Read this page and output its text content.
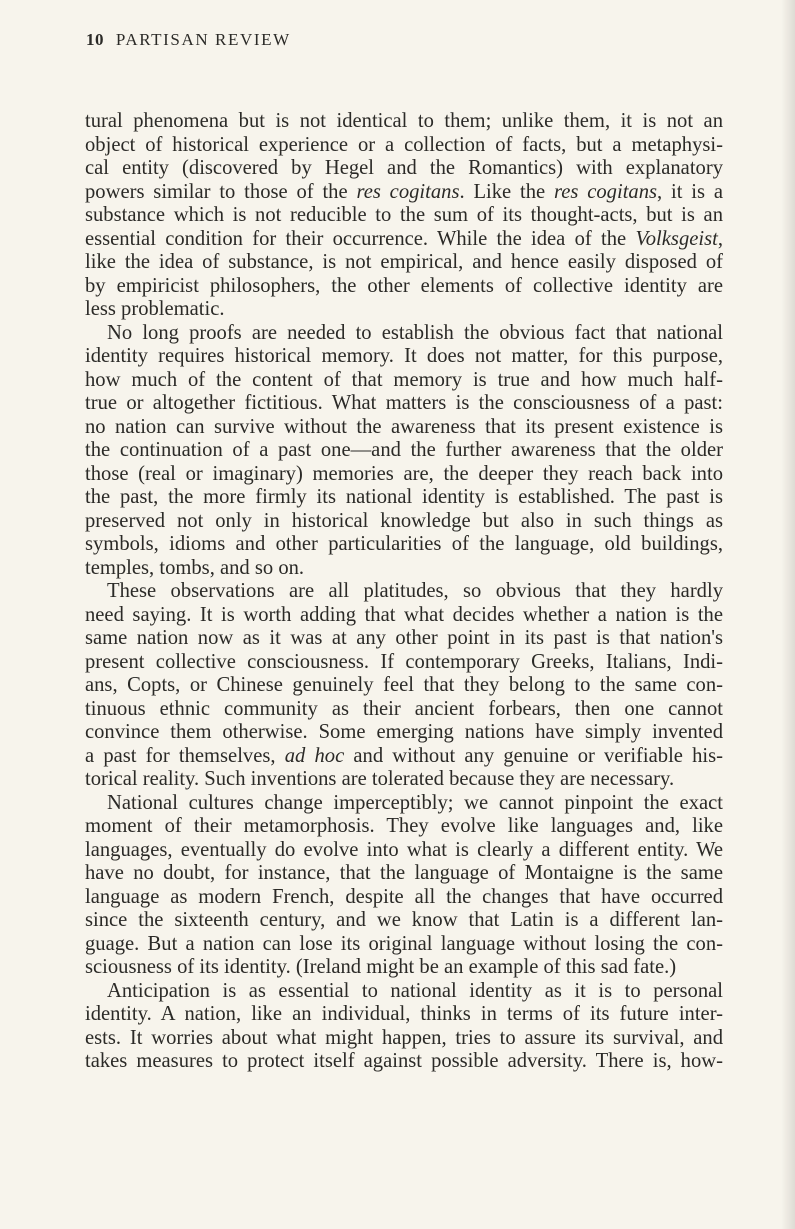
10 PARTISAN REVIEW
tural phenomena but is not identical to them; unlike them, it is not an
object of historical experience or a collection of facts, but a metaphysi-
cal entity (discovered by Hegel and the Romantics) with explanatory
powers similar to those of the res cogitans. Like the res cogitans, it is a
substance which is not reducible to the sum of its thought-acts, but is an
essential condition for their occurrence. While the idea of the Volksgeist,
like the idea of substance, is not empirical, and hence easily disposed of
by empiricist philosophers, the other elements of collective identity are
less problematic.
No long proofs are needed to establish the obvious fact that national
identity requires historical memory. It does not matter, for this purpose,
how much of the content of that memory is true and how much half-
true or altogether fictitious. What matters is the consciousness of a past:
no nation can survive without the awareness that its present existence is
the continuation of a past one—and the further awareness that the older
those (real or imaginary) memories are, the deeper they reach back into
the past, the more firmly its national identity is established. The past is
preserved not only in historical knowledge but also in such things as
symbols, idioms and other particularities of the language, old buildings,
temples, tombs, and so on.
These observations are all platitudes, so obvious that they hardly
need saying. It is worth adding that what decides whether a nation is the
same nation now as it was at any other point in its past is that nation's
present collective consciousness. If contemporary Greeks, Italians, Indi-
ans, Copts, or Chinese genuinely feel that they belong to the same con-
tinuous ethnic community as their ancient forbears, then one cannot
convince them otherwise. Some emerging nations have simply invented
a past for themselves, ad hoc and without any genuine or verifiable his-
torical reality. Such inventions are tolerated because they are necessary.
National cultures change imperceptibly; we cannot pinpoint the exact
moment of their metamorphosis. They evolve like languages and, like
languages, eventually do evolve into what is clearly a different entity. We
have no doubt, for instance, that the language of Montaigne is the same
language as modern French, despite all the changes that have occurred
since the sixteenth century, and we know that Latin is a different lan-
guage. But a nation can lose its original language without losing the con-
sciousness of its identity. (Ireland might be an example of this sad fate.)
Anticipation is as essential to national identity as it is to personal
identity. A nation, like an individual, thinks in terms of its future inter-
ests. It worries about what might happen, tries to assure its survival, and
takes measures to protect itself against possible adversity. There is, how-
